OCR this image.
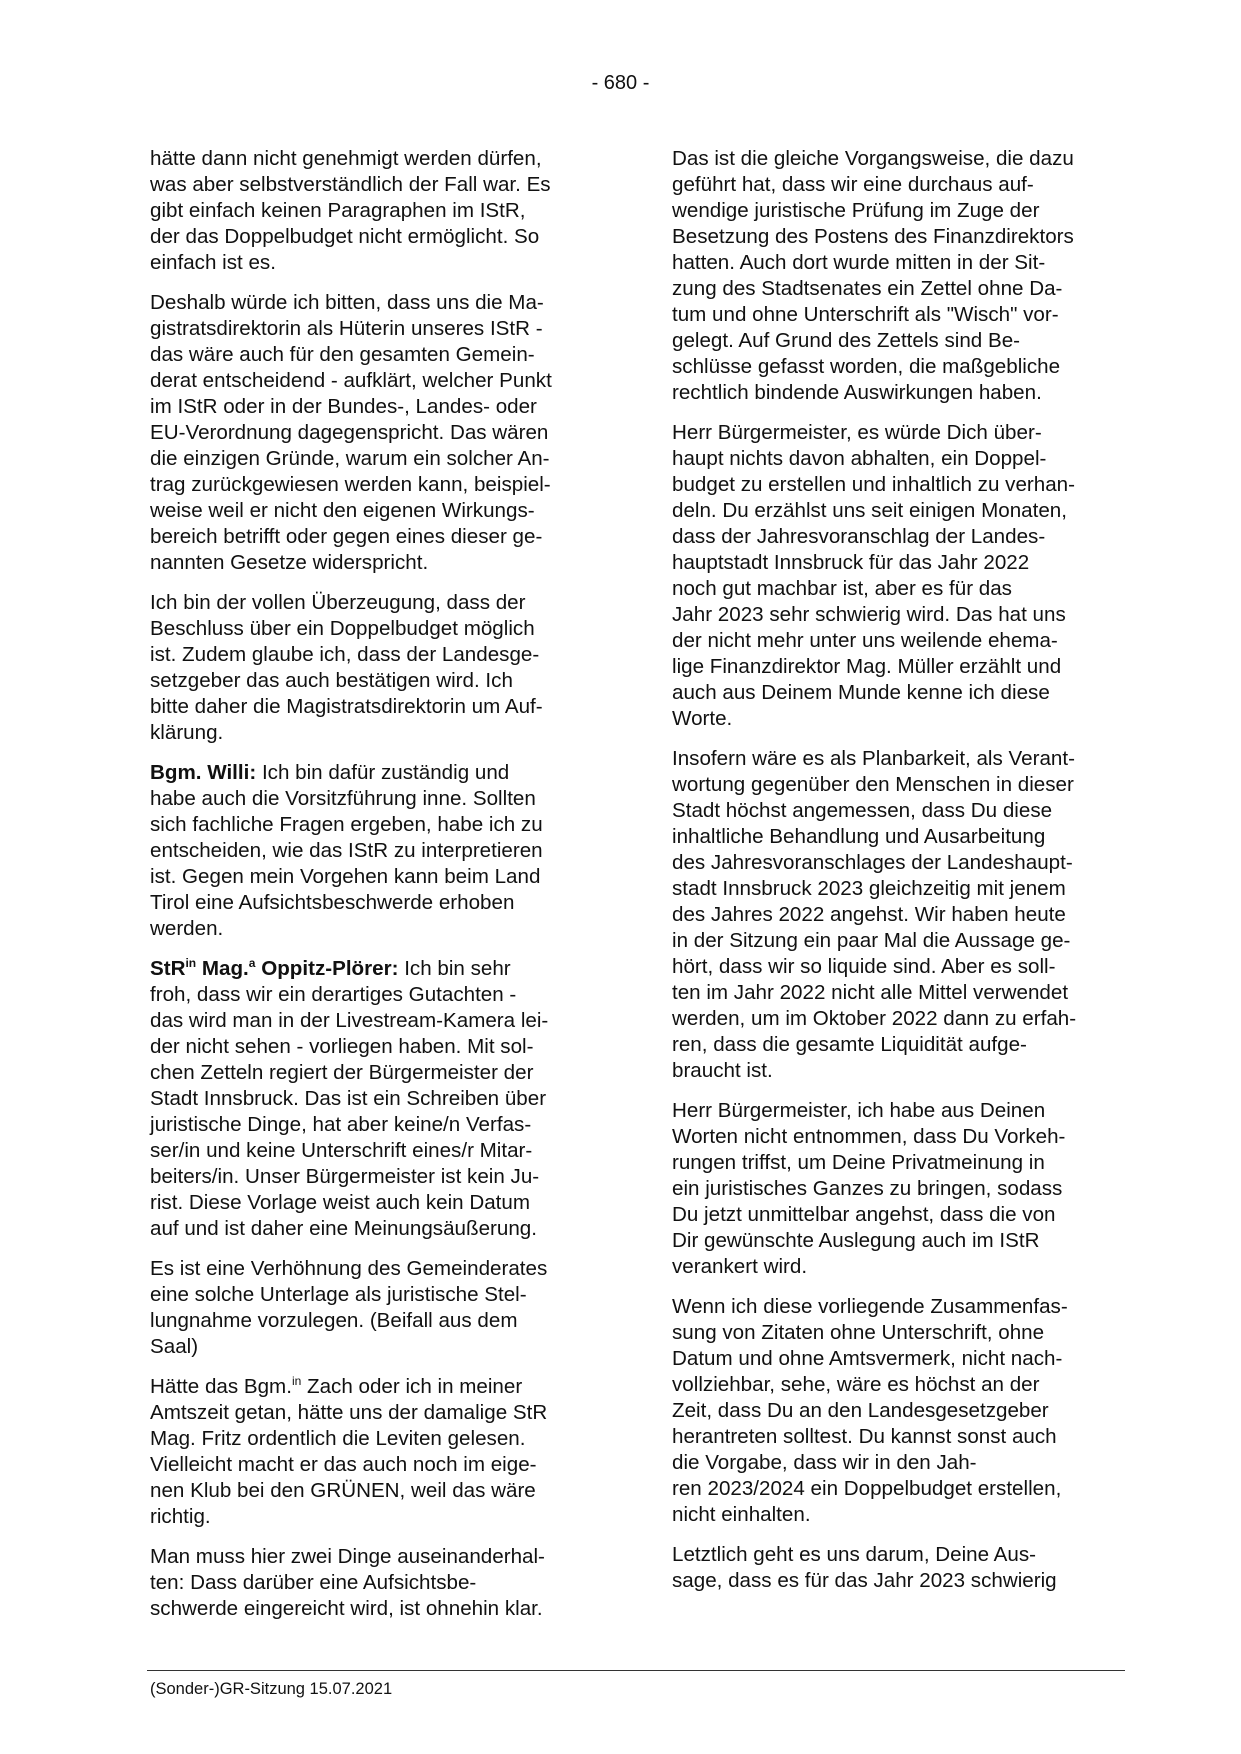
- 680 -

hätte dann nicht genehmigt werden dürfen,
was aber selbstverständlich der Fall war. Es
gibt einfach keinen Paragraphen im IStR,
der das Doppelbudget nicht ermöglicht. So
einfach ist es.

Deshalb würde ich bitten, dass uns die Ma-
gistratsdirektorin als Hüterin unseres IStR -
das wäre auch für den gesamten Gemein-
derat entscheidend - aufklärt, welcher Punkt
im IStR oder in der Bundes-, Landes- oder
EU-Verordnung dagegenspricht. Das wären
die einzigen Gründe, warum ein solcher An-
trag zurückgewiesen werden kann, beispiel-
weise weil er nicht den eigenen Wirkungs-
bereich betrifft oder gegen eines dieser ge-
nannten Gesetze widerspricht.

Ich bin der vollen Überzeugung, dass der
Beschluss über ein Doppelbudget möglich
ist. Zudem glaube ich, dass der Landesge-
setzgeber das auch bestätigen wird. Ich
bitte daher die Magistratsdirektorin um Auf-
klärung.

Bgm. Willi: Ich bin dafür zuständig und
habe auch die Vorsitzführung inne. Sollten
sich fachliche Fragen ergeben, habe ich zu
entscheiden, wie das IStR zu interpretieren
ist. Gegen mein Vorgehen kann beim Land
Tirol eine Aufsichtsbeschwerde erhoben
werden.

StR$^{in}$ Mag.$^a$ Oppitz-Plörer: Ich bin sehr
froh, dass wir ein derartiges Gutachten -
das wird man in der Livestream-Kamera lei-
der nicht sehen - vorliegen haben. Mit sol-
chen Zetteln regiert der Bürgermeister der
Stadt Innsbruck. Das ist ein Schreiben über
juristische Dinge, hat aber keine/n Verfas-
ser/in und keine Unterschrift eines/r Mitar-
beiters/in. Unser Bürgermeister ist kein Ju-
rist. Diese Vorlage weist auch kein Datum
auf und ist daher eine Meinungsäußerung.

Es ist eine Verhöhnung des Gemeinderates
eine solche Unterlage als juristische Stel-
lungnahme vorzulegen. (Beifall aus dem
Saal)

Hätte das Bgm.$^{in}$ Zach oder ich in meiner
Amtszeit getan, hätte uns der damalige StR
Mag. Fritz ordentlich die Leviten gelesen.
Vielleicht macht er das auch noch im eige-
nen Klub bei den GRÜNEN, weil das wäre
richtig.

Man muss hier zwei Dinge auseinanderhal-
ten: Dass darüber eine Aufsichtsbe-
schwerde eingereicht wird, ist ohnehin klar.

Das ist die gleiche Vorgangsweise, die dazu
geführt hat, dass wir eine durchaus auf-
wendige juristische Prüfung im Zuge der
Besetzung des Postens des Finanzdirektors
hatten. Auch dort wurde mitten in der Sit-
zung des Stadtsenates ein Zettel ohne Da-
tum und ohne Unterschrift als "Wisch" vor-
gelegt. Auf Grund des Zettels sind Be-
schlüsse gefasst worden, die maßgebliche
rechtlich bindende Auswirkungen haben.

Herr Bürgermeister, es würde Dich über-
haupt nichts davon abhalten, ein Doppel-
budget zu erstellen und inhaltlich zu verhan-
deln. Du erzählst uns seit einigen Monaten,
dass der Jahresvoranschlag der Landes-
hauptstadt Innsbruck für das Jahr 2022
noch gut machbar ist, aber es für das
Jahr 2023 sehr schwierig wird. Das hat uns
der nicht mehr unter uns weilende ehema-
lige Finanzdirektor Mag. Müller erzählt und
auch aus Deinem Munde kenne ich diese
Worte.

Insofern wäre es als Planbarkeit, als Verant-
wortung gegenüber den Menschen in dieser
Stadt höchst angemessen, dass Du diese
inhaltliche Behandlung und Ausarbeitung
des Jahresvoranschlages der Landeshaupt-
stadt Innsbruck 2023 gleichzeitig mit jenem
des Jahres 2022 angehst. Wir haben heute
in der Sitzung ein paar Mal die Aussage ge-
hört, dass wir so liquide sind. Aber es soll-
ten im Jahr 2022 nicht alle Mittel verwendet
werden, um im Oktober 2022 dann zu erfah-
ren, dass die gesamte Liquidität aufge-
braucht ist.

Herr Bürgermeister, ich habe aus Deinen
Worten nicht entnommen, dass Du Vorkeh-
rungen triffst, um Deine Privatmeinung in
ein juristisches Ganzes zu bringen, sodass
Du jetzt unmittelbar angehst, dass die von
Dir gewünschte Auslegung auch im IStR
verankert wird.

Wenn ich diese vorliegende Zusammenfas-
sung von Zitaten ohne Unterschrift, ohne
Datum und ohne Amtsvermerk, nicht nach-
vollziehbar, sehe, wäre es höchst an der
Zeit, dass Du an den Landesgesetzgeber
herantreten solltest. Du kannst sonst auch
die Vorgabe, dass wir in den Jah-
ren 2023/2024 ein Doppelbudget erstellen,
nicht einhalten.

Letztlich geht es uns darum, Deine Aus-
sage, dass es für das Jahr 2023 schwierig

(Sonder-)GR-Sitzung 15.07.2021
